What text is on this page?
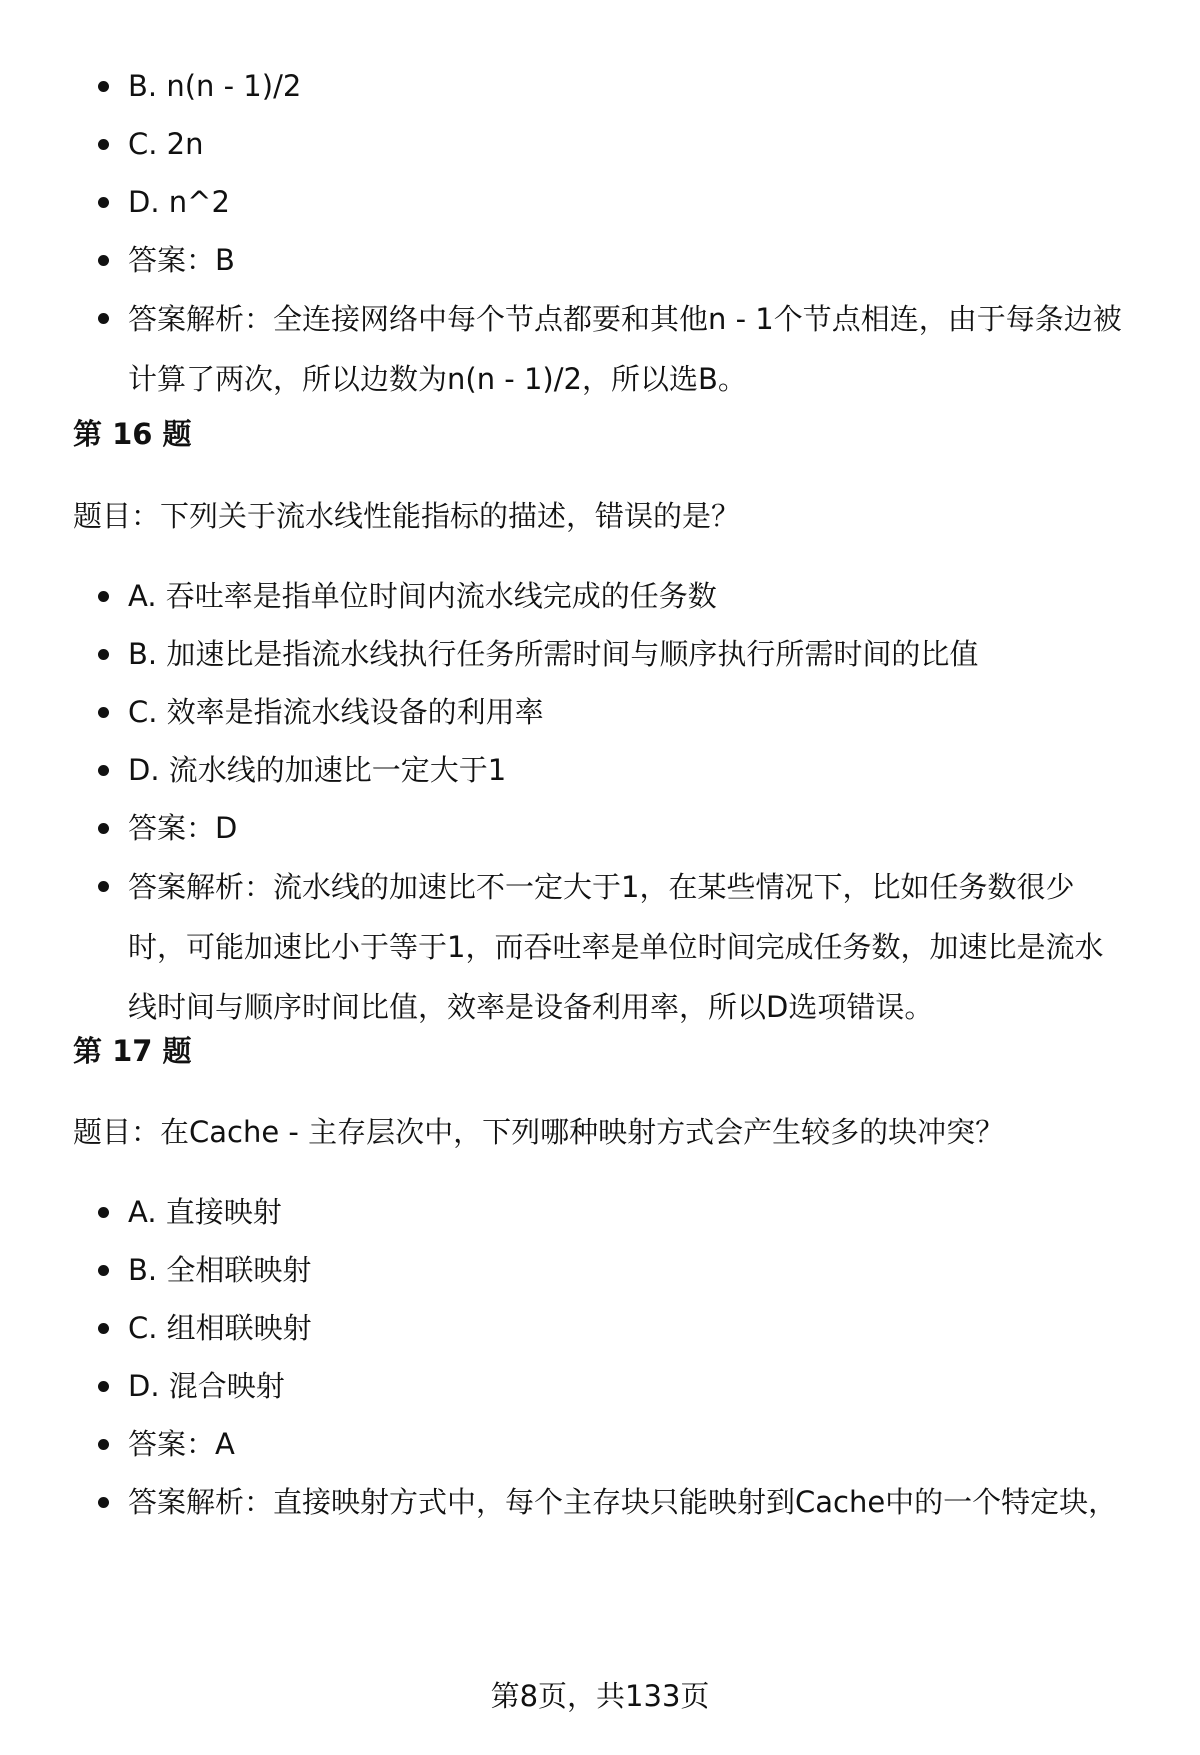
B. n(n - 1)/2
C. 2n
D. n^2
答案：B
答案解析：全连接网络中每个节点都要和其他n - 1个节点相连，由于每条边被计算了两次，所以边数为n(n - 1)/2，所以选B。
第 16 题
题目：下列关于流水线性能指标的描述，错误的是？
A. 吞吐率是指单位时间内流水线完成的任务数
B. 加速比是指流水线执行任务所需时间与顺序执行所需时间的比值
C. 效率是指流水线设备的利用率
D. 流水线的加速比一定大于1
答案：D
答案解析：流水线的加速比不一定大于1，在某些情况下，比如任务数很少时，可能加速比小于等于1，而吞吐率是单位时间完成任务数，加速比是流水线时间与顺序时间比值，效率是设备利用率，所以D选项错误。
第 17 题
题目：在Cache - 主存层次中，下列哪种映射方式会产生较多的块冲突？
A. 直接映射
B. 全相联映射
C. 组相联映射
D. 混合映射
答案：A
答案解析：直接映射方式中，每个主存块只能映射到Cache中的一个特定块，
第8页，共133页
